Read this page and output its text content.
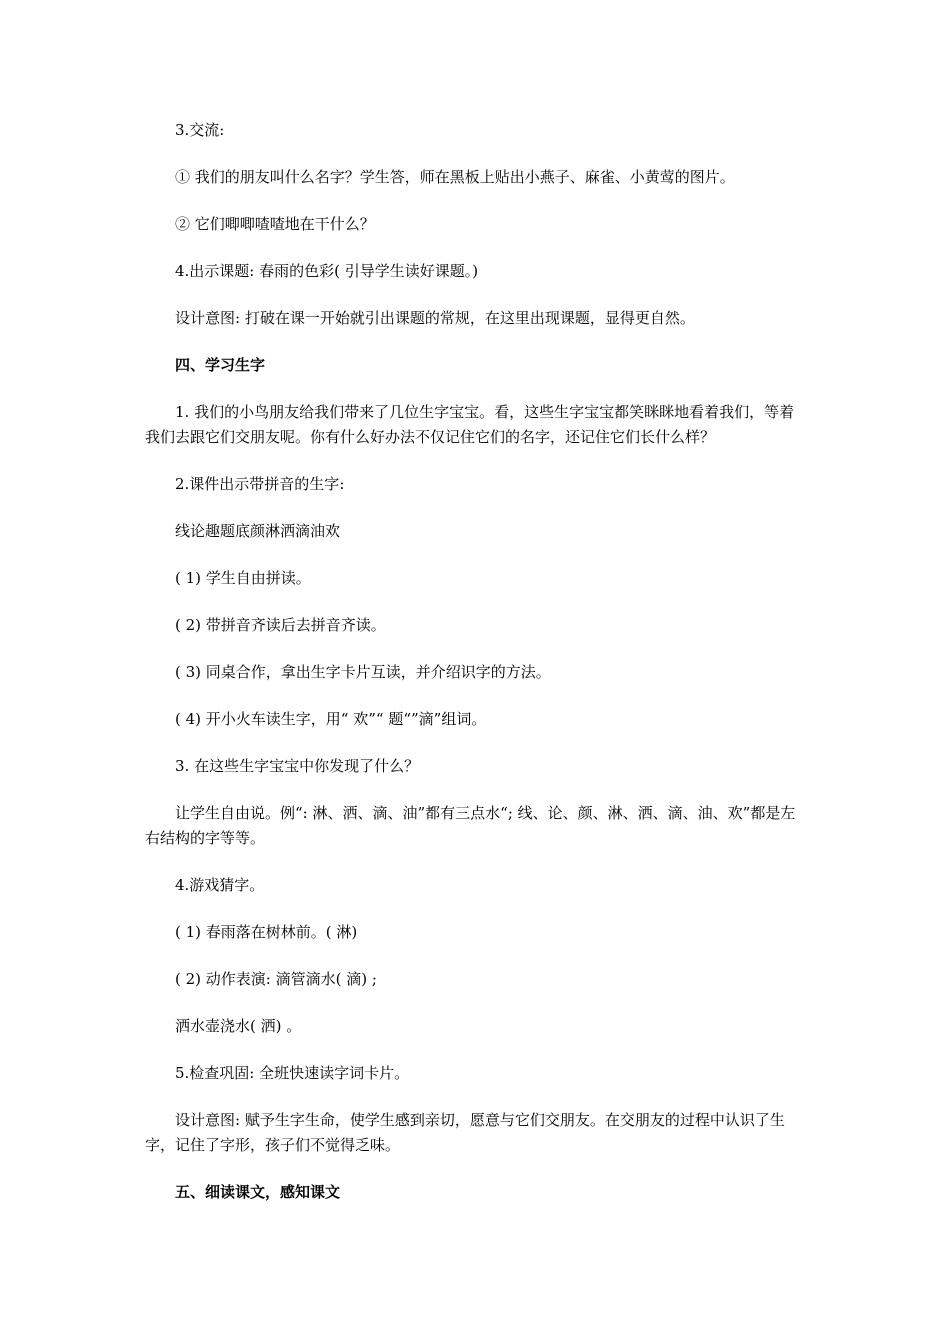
3.交流:

① 我们的朋友叫什么名字？学生答，师在黑板上贴出小燕子、麻雀、小黄莺的图片。

② 它们唧唧喳喳地在干什么？

4.出示课题: 春雨的色彩( 引导学生读好课题。)

设计意图: 打破在课一开始就引出课题的常规，在这里出现课题，显得更自然。

四、学习生字

1. 我们的小鸟朋友给我们带来了几位生字宝宝。看，这些生字宝宝都笑眯眯地看着我们，等着我们去跟它们交朋友呢。你有什么好办法不仅记住它们的名字，还记住它们长什么样？

2.课件出示带拼音的生字:

线论趣题底颜淋洒滴油欢

( 1) 学生自由拼读。

( 2) 带拼音齐读后去拼音齐读。

( 3) 同桌合作，拿出生字卡片互读，并介绍识字的方法。

( 4) 开小火车读生字，用“ 欢”“ 题“”滴”组词。

3. 在这些生字宝宝中你发现了什么？

让学生自由说。例“: 淋、洒、滴、油”都有三点水“; 线、论、颜、淋、洒、滴、油、欢”都是左右结构的字等等。

4.游戏猜字。

( 1) 春雨落在树林前。( 淋)

( 2) 动作表演: 滴管滴水( 滴) ;

洒水壶浇水( 洒) 。

5.检查巩固: 全班快速读字词卡片。

设计意图: 赋予生字生命，使学生感到亲切，愿意与它们交朋友。在交朋友的过程中认识了生字，记住了字形，孩子们不觉得乏味。

五、细读课文，感知课文
